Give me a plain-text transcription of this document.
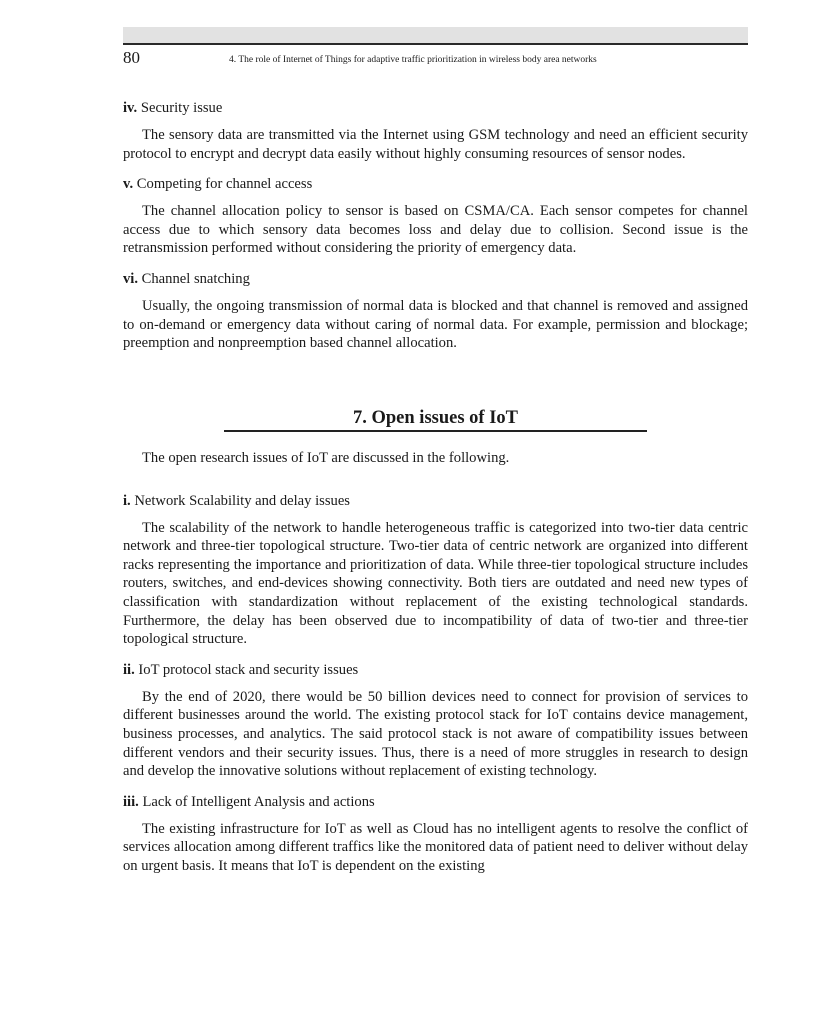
80	4. The role of Internet of Things for adaptive traffic prioritization in wireless body area networks

iv. Security issue

The sensory data are transmitted via the Internet using GSM technology and need an efficient security protocol to encrypt and decrypt data easily without highly consuming resources of sensor nodes.

v. Competing for channel access

The channel allocation policy to sensor is based on CSMA/CA. Each sensor competes for channel access due to which sensory data becomes loss and delay due to collision. Second issue is the retransmission performed without considering the priority of emergency data.

vi. Channel snatching

Usually, the ongoing transmission of normal data is blocked and that channel is removed and assigned to on-demand or emergency data without caring of normal data. For example, permission and blockage; preemption and nonpreemption based channel allocation.

7. Open issues of IoT

The open research issues of IoT are discussed in the following.

i. Network Scalability and delay issues

The scalability of the network to handle heterogeneous traffic is categorized into two-tier data centric network and three-tier topological structure. Two-tier data of centric network are organized into different racks representing the importance and prioritization of data. While three-tier topological structure includes routers, switches, and end-devices showing connectivity. Both tiers are outdated and need new types of classification with standardization without replacement of the existing technological standards. Furthermore, the delay has been observed due to incompatibility of data of two-tier and three-tier topological structure.

ii. IoT protocol stack and security issues

By the end of 2020, there would be 50 billion devices need to connect for provision of services to different businesses around the world. The existing protocol stack for IoT contains device management, business processes, and analytics. The said protocol stack is not aware of compatibility issues between different vendors and their security issues. Thus, there is a need of more struggles in research to design and develop the innovative solutions without replacement of existing technology.

iii. Lack of Intelligent Analysis and actions

The existing infrastructure for IoT as well as Cloud has no intelligent agents to resolve the conflict of services allocation among different traffics like the monitored data of patient need to deliver without delay on urgent basis. It means that IoT is dependent on the existing
